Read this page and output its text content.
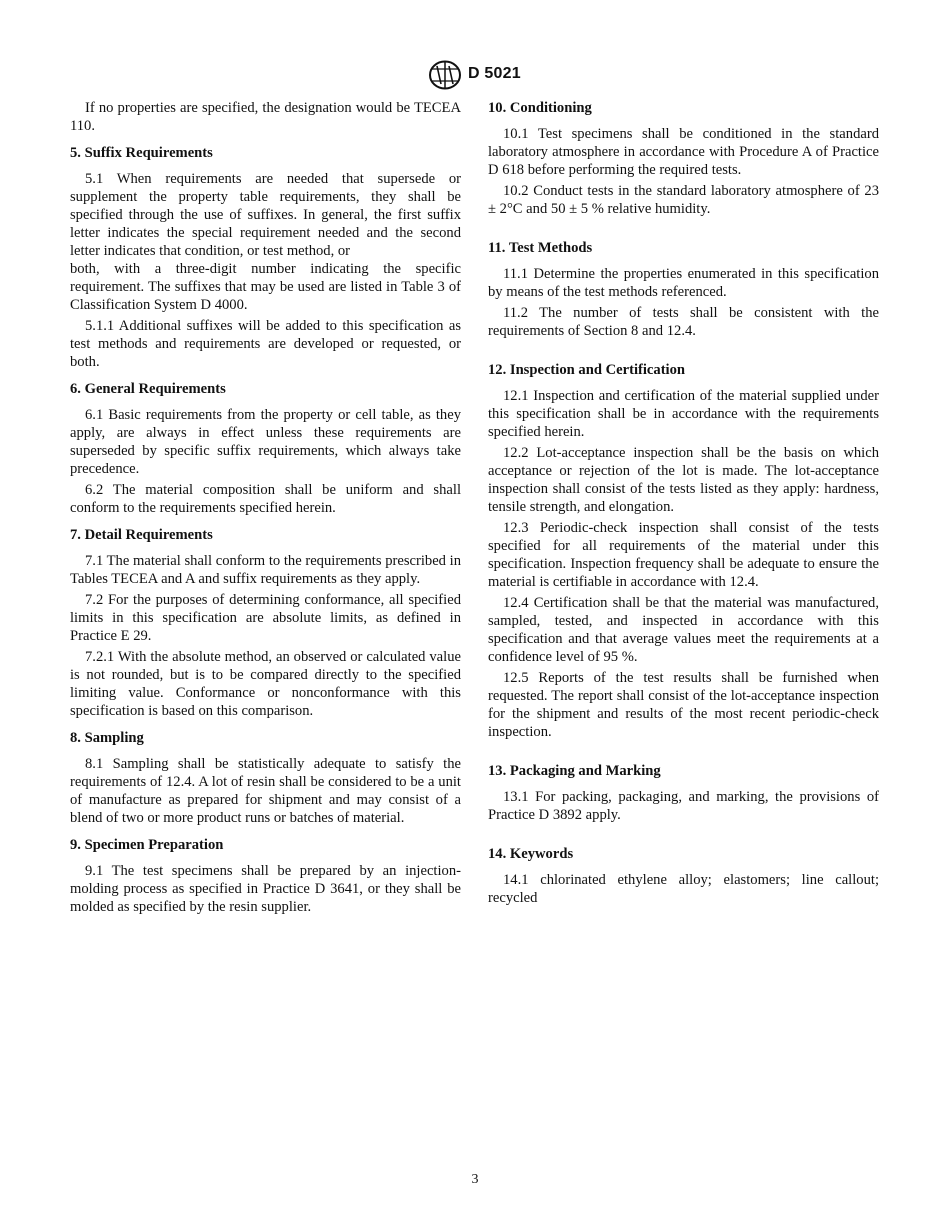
D 5021

If no properties are specified, the designation would be TECEA 110.

5. Suffix Requirements

5.1 When requirements are needed that supersede or supplement the property table requirements, they shall be specified through the use of suffixes. In general, the first suffix letter indicates the special requirement needed and the second letter indicates that condition, or test method, or

both, with a three-digit number indicating the specific requirement. The suffixes that may be used are listed in Table 3 of Classification System D 4000.

5.1.1 Additional suffixes will be added to this specification as test methods and requirements are developed or requested, or both.

6. General Requirements

6.1 Basic requirements from the property or cell table, as they apply, are always in effect unless these requirements are superseded by specific suffix requirements, which always take precedence.

6.2 The material composition shall be uniform and shall conform to the requirements specified herein.

7. Detail Requirements

7.1 The material shall conform to the requirements prescribed in Tables TECEA and A and suffix requirements as they apply.

7.2 For the purposes of determining conformance, all specified limits in this specification are absolute limits, as defined in Practice E 29.

7.2.1 With the absolute method, an observed or calculated value is not rounded, but is to be compared directly to the specified limiting value. Conformance or nonconformance with this specification is based on this comparison.

8. Sampling

8.1 Sampling shall be statistically adequate to satisfy the requirements of 12.4. A lot of resin shall be considered to be a unit of manufacture as prepared for shipment and may consist of a blend of two or more product runs or batches of material.

9. Specimen Preparation

9.1 The test specimens shall be prepared by an injection-molding process as specified in Practice D 3641, or they shall be molded as specified by the resin supplier.

10. Conditioning

10.1 Test specimens shall be conditioned in the standard laboratory atmosphere in accordance with Procedure A of Practice D 618 before performing the required tests.

10.2 Conduct tests in the standard laboratory atmosphere of 23 ± 2°C and 50 ± 5 % relative humidity.

11. Test Methods

11.1 Determine the properties enumerated in this specification by means of the test methods referenced.

11.2 The number of tests shall be consistent with the requirements of Section 8 and 12.4.

12. Inspection and Certification

12.1 Inspection and certification of the material supplied under this specification shall be in accordance with the requirements specified herein.

12.2 Lot-acceptance inspection shall be the basis on which acceptance or rejection of the lot is made. The lot-acceptance inspection shall consist of the tests listed as they apply: hardness, tensile strength, and elongation.

12.3 Periodic-check inspection shall consist of the tests specified for all requirements of the material under this specification. Inspection frequency shall be adequate to ensure the material is certifiable in accordance with 12.4.

12.4 Certification shall be that the material was manufactured, sampled, tested, and inspected in accordance with this specification and that average values meet the requirements at a confidence level of 95 %.

12.5 Reports of the test results shall be furnished when requested. The report shall consist of the lot-acceptance inspection for the shipment and results of the most recent periodic-check inspection.

13. Packaging and Marking

13.1 For packing, packaging, and marking, the provisions of Practice D 3892 apply.

14. Keywords

14.1 chlorinated ethylene alloy; elastomers; line callout; recycled

3
